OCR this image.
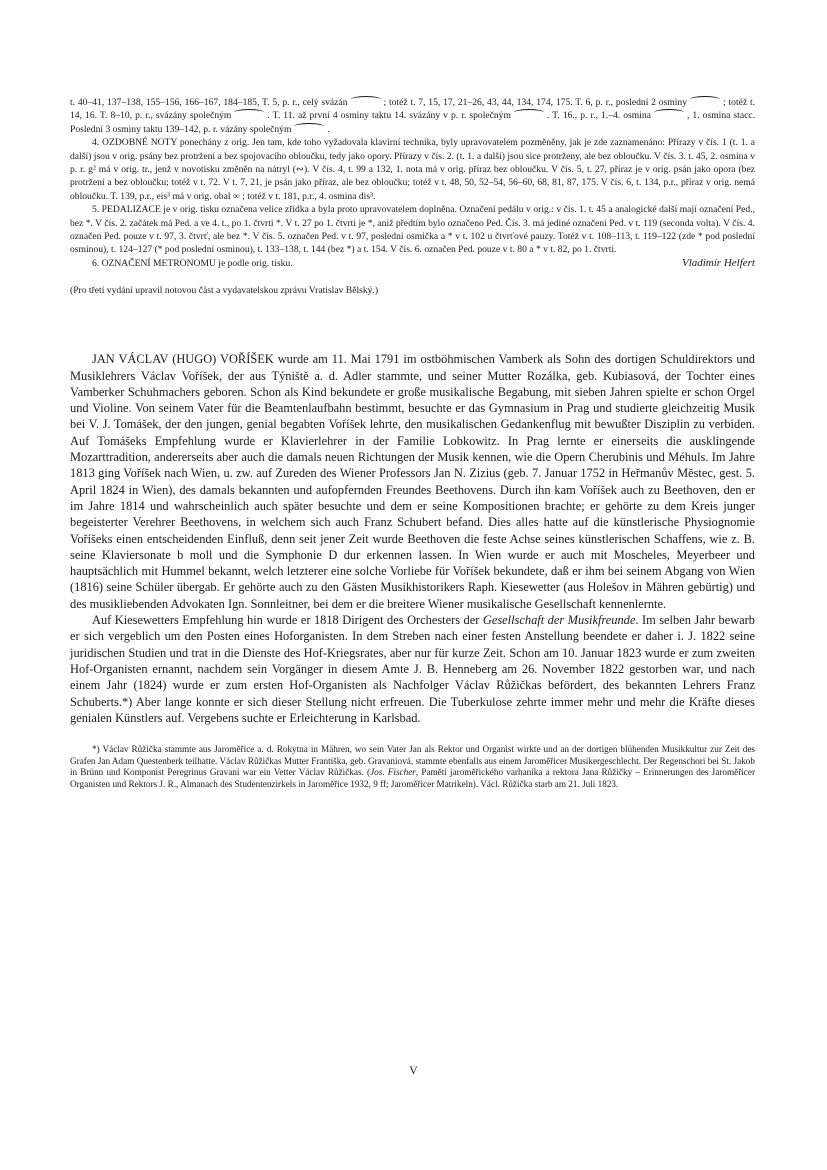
t. 40–41, 137–138, 155–156, 166–167, 184–185, T. 5, p. r., celý svázán	; totéž t. 7, 15, 17, 21–26, 43, 44, 134, 174, 175. T. 6, p. r., poslední 2 osminy	; totéž t. 14, 16. T. 8–10, p. r., svázány společným	. T. 11. až první 4 osminy taktu 14. svázány v p. r. společným	. T. 16., p. r., 1.–4. osmina	, 1. osmina stacc. Poslední 3 osminy taktu 139–142, p. r. vázány společným	.

4. OZDOBNÉ NOTY ponechány z orig. Jen tam, kde toho vyžadovala klavírní technika, byly upravovatelem pozměněny, jak je zde zaznamenáno: Přírazy v čís. 1 (t. 1. a další) jsou v orig. psány bez protržení a bez spojovacího obloučku, tedy jako opory. Přírazy v čís. 2. (t. 1. a další) jsou sice protrženy, ale bez obloučku. V čís. 3. t. 45, 2. osmina v p. r. g² má v orig. tr., jenž v novotisku změněn na nátryl (∾). V čís. 4, t. 99 a 132, 1. nota má v orig. příraz bez obloučku. V čís. 5, t. 27, příraz je v orig. psán jako opora (bez protržení a bez obloučku; totéž v t. 72. V t. 7, 21, je psán jako příraz, ale bez obloučku; totéž v t. 48, 50, 52–54, 56–60, 68, 81, 87, 175. V čís. 6, t. 134, p.r., příraz v orig. nemá obloučku. T. 139, p.r., eis³ má v orig. obal ∞ ; totéž v t. 181, p.r., 4. osmina dis³.

5. PEDALIZACE je v orig. tisku označena velice zřídka a byla proto upravovatelem doplněna. Označení pedálu v orig.: v čís. 1. t. 45 a analogické další mají označení Ped., bez *. V čís. 2. začátek má Ped. a ve 4. t., po 1. čtvrti *. V t. 27 po 1. čtvrti je *, aniž předtím bylo označeno Ped. Čís. 3. má jediné označení Ped. v t. 119 (seconda volta). V čís. 4. označen Ped. pouze v t. 97, 3. čtvrť, ale bez *. V čís. 5. označen Ped. v t. 97, poslední osmička a * v t. 102 u čtvrťové pauzy. Totéž v t. 108–113, t. 119–122 (zde * pod poslední osminou), t. 124–127 (* pod poslední osminou), t. 133–138, t. 144 (bez *) a t. 154. V čís. 6. označen Ped. pouze v t. 80 a * v t. 82, po 1. čtvrti.

6. OZNAČENÍ METRONOMU je podle orig. tisku.	Vladimír Helfert

(Pro třetí vydání upravil notovou část a vydavatelskou zprávu Vratislav Bělský.)

JAN VÁCLAV (HUGO) VOŘÍŠEK wurde am 11. Mai 1791 im ostböhmischen Vamberk als Sohn des dortigen Schuldirektors und Musiklehrers Václav Voříšek, der aus Týniště a. d. Adler stammte, und seiner Mutter Rozálka, geb. Kubiasová, der Tochter eines Vamberker Schuhmachers geboren. Schon als Kind bekundete er große musikalische Begabung, mit sieben Jahren spielte er schon Orgel und Violine. Von seinem Vater für die Beamtenlaufbahn bestimmt, besuchte er das Gymnasium in Prag und studierte gleichzeitig Musik bei V. J. Tomášek, der den jungen, genial begabten Voříšek lehrte, den musikalischen Gedankenflug mit bewußter Disziplin zu verbiden. Auf Tomášeks Empfehlung wurde er Klavierlehrer in der Familie Lobkowitz. In Prag lernte er einerseits die ausklingende Mozarttradition, andererseits aber auch die damals neuen Richtungen der Musik kennen, wie die Opern Cherubinis und Méhuls. Im Jahre 1813 ging Voříšek nach Wien, u. zw. auf Zureden des Wiener Professors Jan N. Zizius (geb. 7. Januar 1752 in Heřmanův Městec, gest. 5. April 1824 in Wien), des damals bekannten und aufopfernden Freundes Beethovens. Durch ihn kam Voříšek auch zu Beethoven, den er im Jahre 1814 und wahrscheinlich auch später besuchte und dem er seine Kompositionen brachte; er gehörte zu dem Kreis junger begeisterter Verehrer Beethovens, in welchem sich auch Franz Schubert befand. Dies alles hatte auf die künstlerische Physiognomie Voříšeks einen entscheidenden Einfluß, denn seit jener Zeit wurde Beethoven die feste Achse seines künstlerischen Schaffens, wie z. B. seine Klaviersonate b moll und die Symphonie D dur erkennen lassen. In Wien wurde er auch mit Moscheles, Meyerbeer und hauptsächlich mit Hummel bekannt, welch letzterer eine solche Vorliebe für Voříšek bekundete, daß er ihm bei seinem Abgang von Wien (1816) seine Schüler übergab. Er gehörte auch zu den Gästen Musikhistorikers Raph. Kiesewetter (aus Holešov in Mähren gebürtig) und des musikliebenden Advokaten Ign. Sonnleitner, bei dem er die breitere Wiener musikalische Gesellschaft kennenlernte.

Auf Kiesewetters Empfehlung hin wurde er 1818 Dirigent des Orchesters der Gesellschaft der Musikfreunde. Im selben Jahr bewarb er sich vergeblich um den Posten eines Hoforganisten. In dem Streben nach einer festen Anstellung beendete er daher i. J. 1822 seine juridischen Studien und trat in die Dienste des Hof-Kriegsrates, aber nur für kurze Zeit. Schon am 10. Januar 1823 wurde er zum zweiten Hof-Organisten ernannt, nachdem sein Vorgänger in diesem Amte J. B. Henneberg am 26. November 1822 gestorben war, und nach einem Jahr (1824) wurde er zum ersten Hof-Organisten als Nachfolger Václav Růžičkas befördert, des bekannten Lehrers Franz Schuberts.*) Aber lange konnte er sich dieser Stellung nicht erfreuen. Die Tuberkulose zehrte immer mehr und mehr die Kräfte dieses genialen Künstlers auf. Vergebens suchte er Erleichterung in Karlsbad.

*) Václav Růžička stammte aus Jaroměřice a. d. Rokytna in Mähren, wo sein Vater Jan als Rektor und Organist wirkte und an der dortigen blühenden Musikkultur zur Zeit des Grafen Jan Adam Questenberk teilhatte. Václav Růžičkas Mutter Františka, geb. Gravaniová, stammte ebenfalls aus einem Jaroměřicer Musikergeschlecht. Der Regenschori bei St. Jakob in Brünn und Komponist Peregrinus Gravani war ein Vetter Václav Růžičkas. (Jos. Fischer, Paměti jaroměřického varhaníka a rektora Jana Růžičky – Erinnerungen des Jaroměřicer Organisten und Rektors J. R., Almanach des Studentenzirkels in Jaroměřice 1932, 9 ff; Jaroměřicer Matrikeln). Václ. Růžička starb am 21. Juli 1823.

V
